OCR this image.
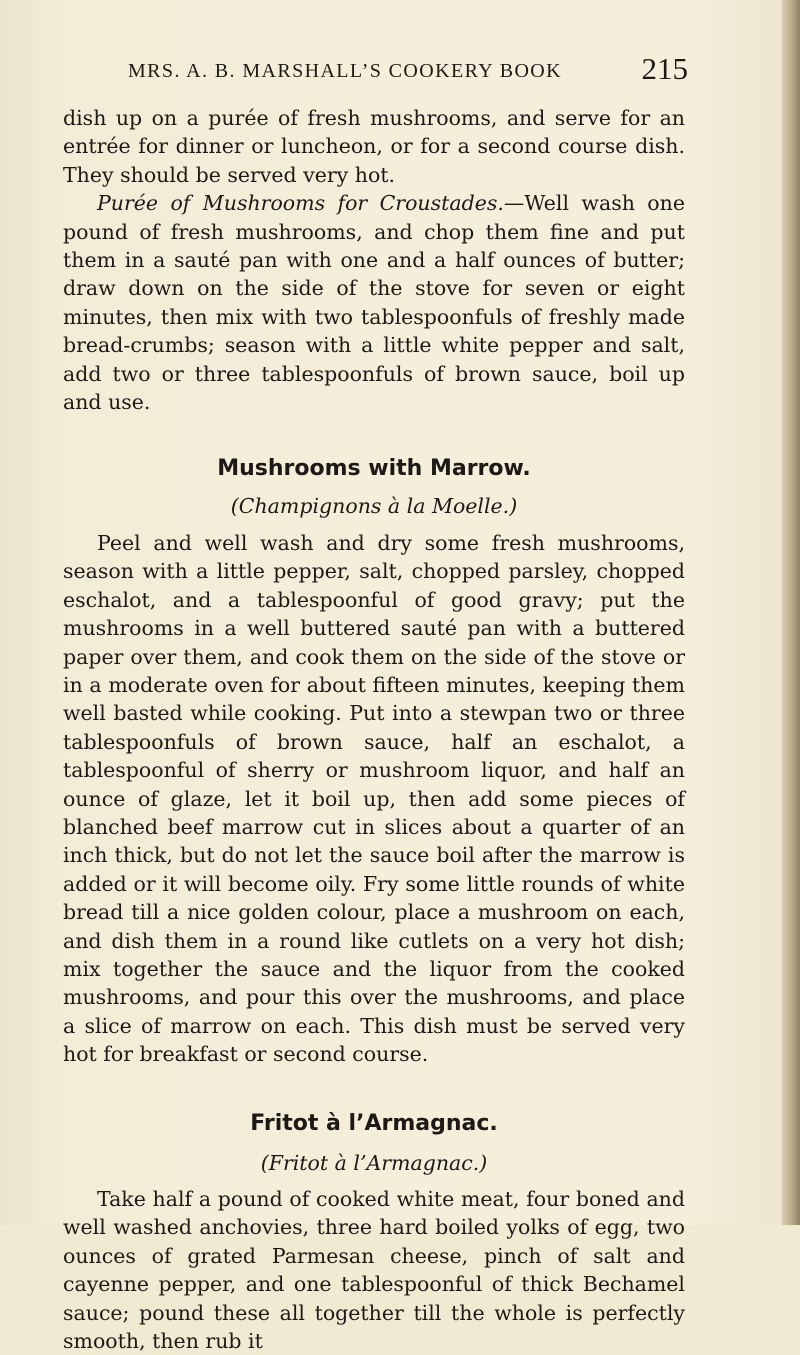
MRS. A. B. MARSHALL’S COOKERY BOOK	215

dish up on a purée of fresh mushrooms, and serve for an entrée for dinner or luncheon, or for a second course dish. They should be served very hot.

Purée of Mushrooms for Croustades.—Well wash one pound of fresh mushrooms, and chop them fine and put them in a sauté pan with one and a half ounces of butter; draw down on the side of the stove for seven or eight minutes, then mix with two tablespoonfuls of freshly made bread-crumbs; season with a little white pepper and salt, add two or three tablespoonfuls of brown sauce, boil up and use.

Mushrooms with Marrow.
(Champignons à la Moelle.)

Peel and well wash and dry some fresh mushrooms, season with a little pepper, salt, chopped parsley, chopped eschalot, and a tablespoonful of good gravy; put the mushrooms in a well buttered sauté pan with a buttered paper over them, and cook them on the side of the stove or in a moderate oven for about fifteen minutes, keeping them well basted while cooking. Put into a stewpan two or three tablespoonfuls of brown sauce, half an eschalot, a tablespoonful of sherry or mushroom liquor, and half an ounce of glaze, let it boil up, then add some pieces of blanched beef marrow cut in slices about a quarter of an inch thick, but do not let the sauce boil after the marrow is added or it will become oily. Fry some little rounds of white bread till a nice golden colour, place a mushroom on each, and dish them in a round like cutlets on a very hot dish; mix together the sauce and the liquor from the cooked mushrooms, and pour this over the mushrooms, and place a slice of marrow on each. This dish must be served very hot for breakfast or second course.

Fritot à l’Armagnac.
(Fritot à l’Armagnac.)

Take half a pound of cooked white meat, four boned and well washed anchovies, three hard boiled yolks of egg, two ounces of grated Parmesan cheese, pinch of salt and cayenne pepper, and one tablespoonful of thick Bechamel sauce; pound these all together till the whole is perfectly smooth, then rub it
